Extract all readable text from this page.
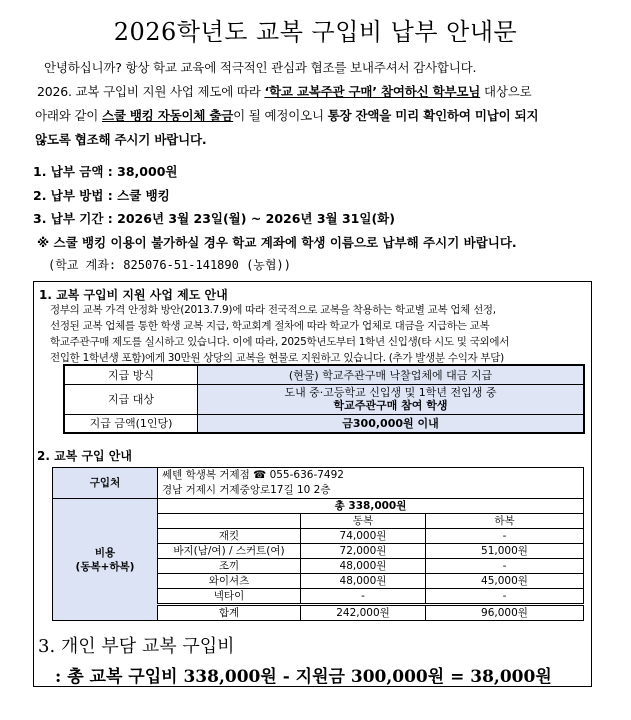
2026학년도 교복 구입비 납부 안내문
안녕하십니까? 항상 학교 교육에 적극적인 관심과 협조를 보내주셔서 감사합니다.
2026. 교복 구입비 지원 사업 제도에 따라 ‘학교 교복주관 구매’ 참여하신 학부모님 대상으로
아래와 같이 스쿨 뱅킹 자동이체 출금이 될 예정이오니 통장 잔액을 미리 확인하여 미납이 되지
않도록 협조해 주시기 바랍니다.
1. 납부 금액 : 38,000원
2. 납부 방법 : 스쿨 뱅킹
3. 납부 기간 : 2026년 3월 23일(월) ~ 2026년 3월 31일(화)
※ 스쿨 뱅킹 이용이 불가하실 경우 학교 계좌에 학생 이름으로 납부해 주시기 바랍니다.
(학교 계좌: 825076-51-141890 (농협))
1. 교복 구입비 지원 사업 제도 안내
정부의 교복 가격 안정화 방안(2013.7.9)에 따라 전국적으로 교복을 착용하는 학교별 교복 업체 선정,
선정된 교복 업체를 통한 학생 교복 지급, 학교회계 절차에 따라 학교가 업체로 대금을 지급하는 교복
학교주관구매 제도를 실시하고 있습니다. 이에 따라, 2025학년도부터 1학년 신입생(타 시도 및 국외에서
전입한 1학년생 포함)에게 30만원 상당의 교복을 현물로 지원하고 있습니다. (추가 발생분 수익자 부담)
지급 방식	(현물) 학교주관구매 낙찰업체에 대금 지급
지급 대상	도내 중·고등학교 신입생 및 1학년 전입생 중
학교주관구매 참여 학생

지급 금액(1인당)	금300,000원 이내
2. 교복 구입 안내
구입처	쎄텐 학생복 거제점 ☎ 055-636-7492
경남 거제시 거제중앙로17길 10 2층		

비용
(동복+하복)	총 338,000원		
		동복	하복
	재킷	74,000원	-
	바지(남/여) / 스커트(여)	72,000원	51,000원
	조끼	48,000원	-
	와이셔츠	48,000원	45,000원
	넥타이	-	-
	합계	242,000원	96,000원
3. 개인 부담 교복 구입비
: 총 교복 구입비 338,000원 - 지원금 300,000원 = 38,000원
